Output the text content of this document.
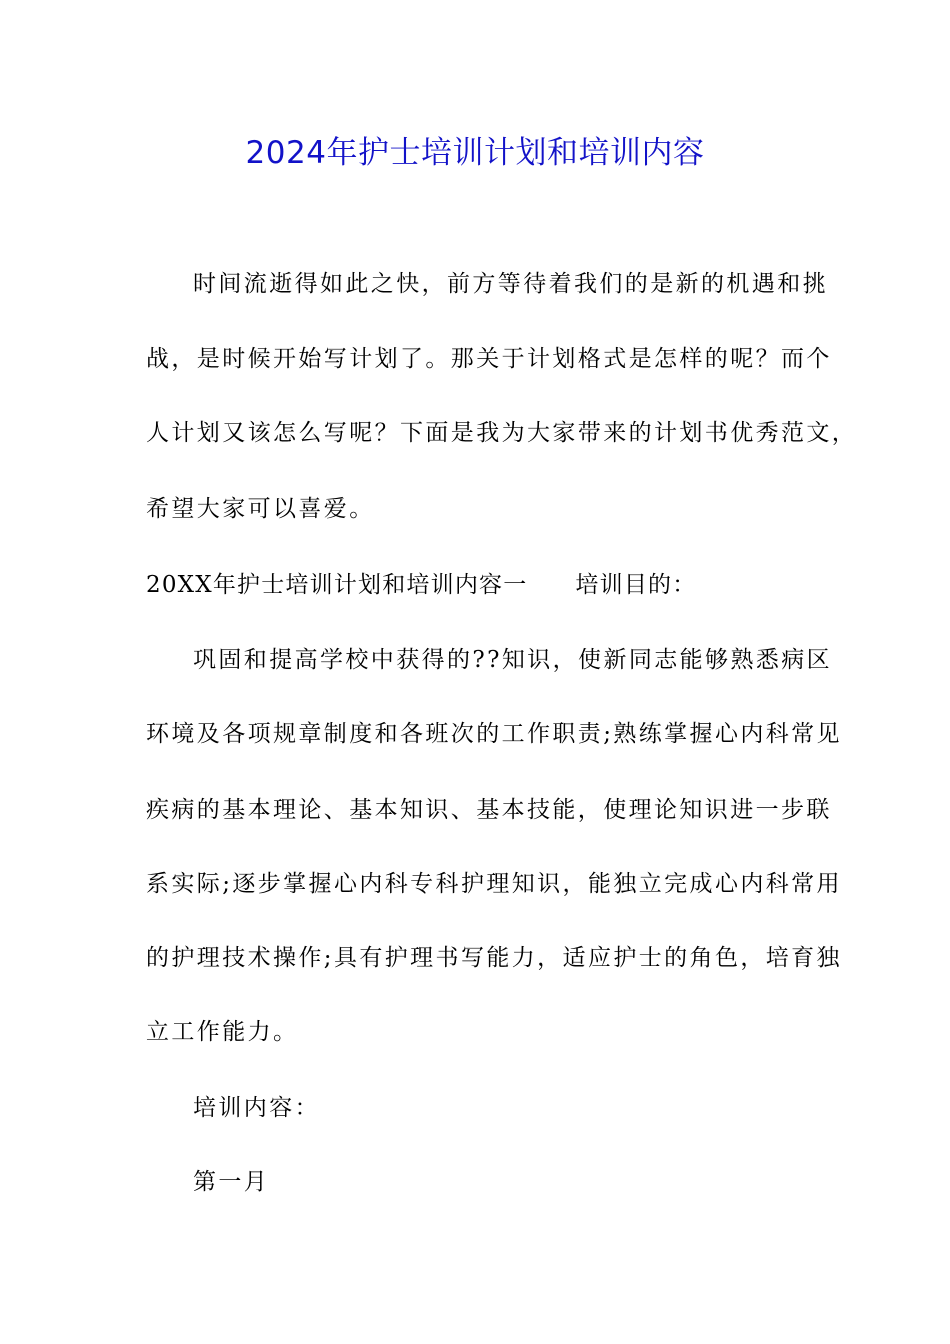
2024年护士培训计划和培训内容
时间流逝得如此之快，前方等待着我们的是新的机遇和挑
战，是时候开始写计划了。那关于计划格式是怎样的呢？而个
人计划又该怎么写呢？下面是我为大家带来的计划书优秀范文，
希望大家可以喜爱。
20XX年护士培训计划和培训内容一 培训目的：
巩固和提高学校中获得的??知识，使新同志能够熟悉病区
环境及各项规章制度和各班次的工作职责;熟练掌握心内科常见
疾病的基本理论、基本知识、基本技能，使理论知识进一步联
系实际;逐步掌握心内科专科护理知识，能独立完成心内科常用
的护理技术操作;具有护理书写能力，适应护士的角色，培育独
立工作能力。
培训内容：
第一月
